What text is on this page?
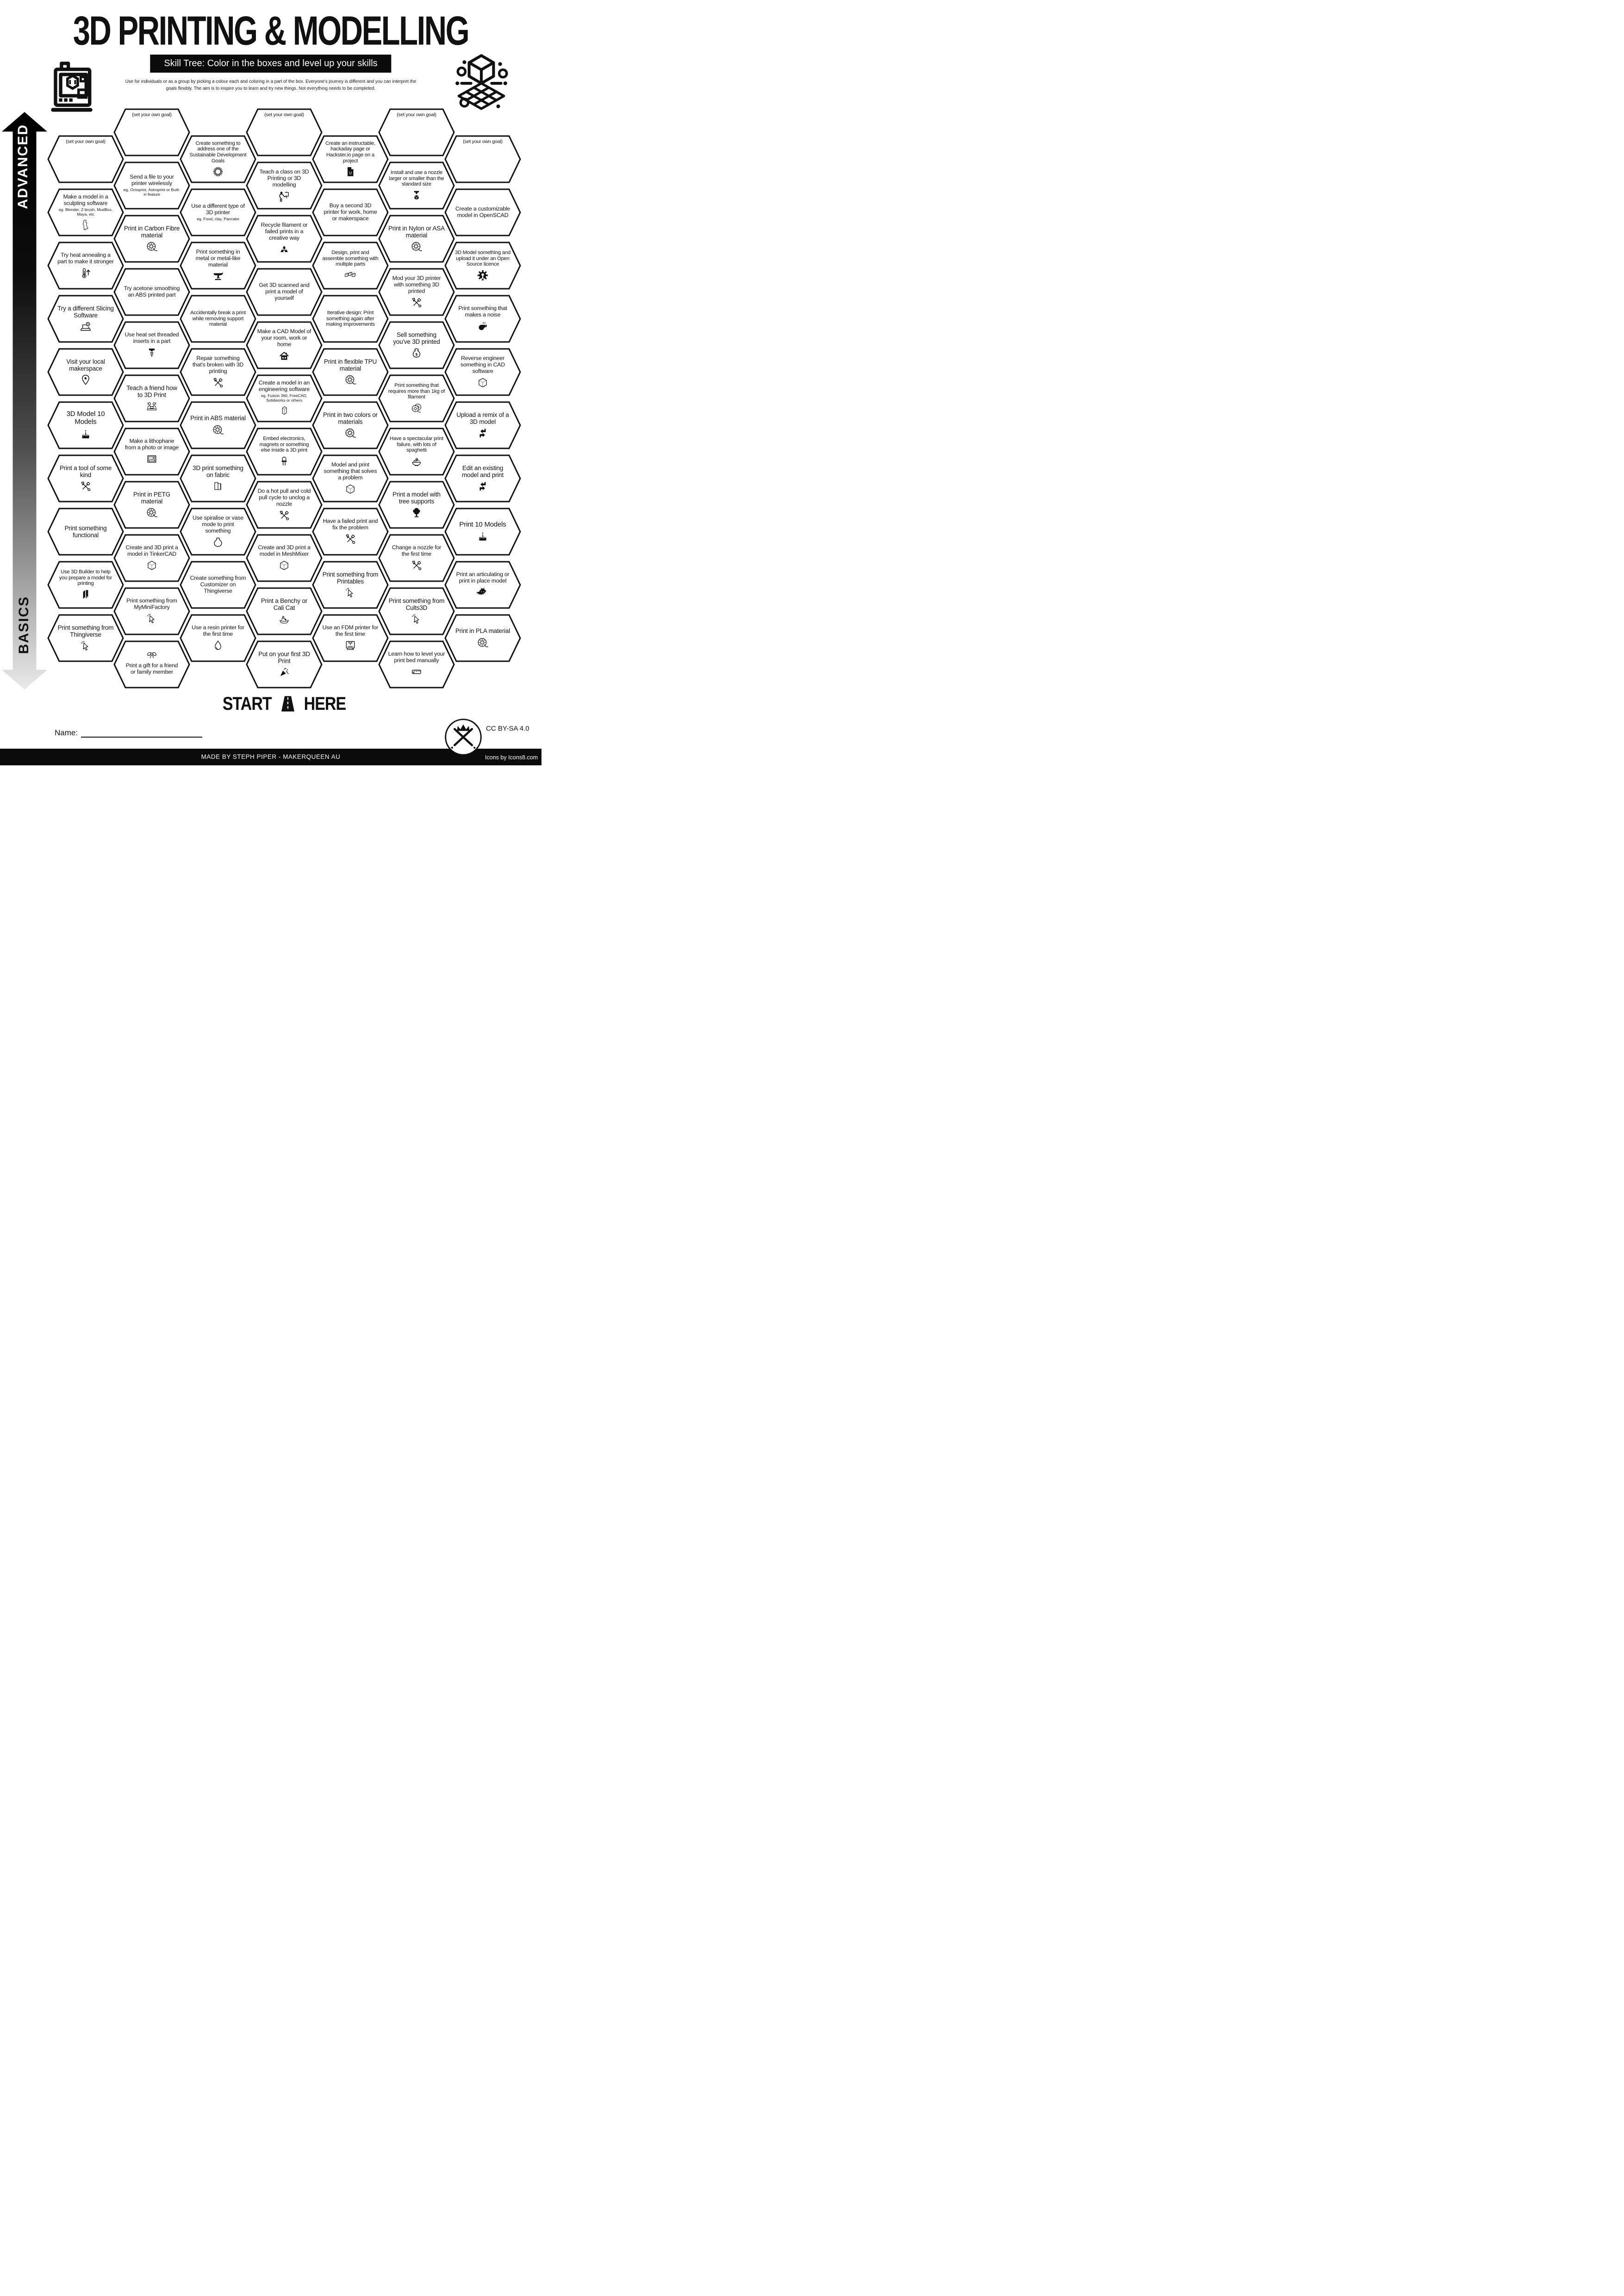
3D PRINTING & MODELLING
Skill Tree: Color in the boxes and level up your skills
Use for individuals or as a group by picking a colour each and coloring in a part of the box. Everyone's journey is different and you can interpret the goals flexibly. The aim is to inspire you to learn and try new things. Not everything needs to be completed.
ADVANCED
BASICS
(set your own goal)
Make a model in a sculpting software
eg. Blender, Z-brush, MudBox, Maya, etc
Try heat annealing a part to make it stronger
Try a different Slicing Software
Visit your local makerspace
3D Model 10 Models
Print a tool of some kind
Print something functional
Use 3D Builder to help you prepare a model for printing
Print something from Thingiverse
(set your own goal)
Send a file to your printer wirelessly
eg. Octoprint, Astroprint or Built-in feature
Print in Carbon Fibre material
Try acetone smoothing an ABS printed part
Use heat set threaded inserts in a part
Teach a friend how to 3D Print
Make a lithophane from a photo or image
Print in PETG material
Create and 3D print a model in TinkerCAD
Print something from MyMiniFactory
Print a gift for a friend or family member
Create something to address one of the Sustainable Development Goals
Use a different type of 3D printer
eg. Food, clay, Pancake
Print something in metal or metal-like material
Accidentally break a print while removing support material
Repair something that's broken with 3D printing
Print in ABS material
3D print something on fabric
Use spiralise or vase mode to print something
Create something from Customizer on Thingiverse
Use a resin printer for the first time
(set your own goal)
Teach a class on 3D Printing or 3D modelling
Recycle filament or failed prints in a creative way
Get 3D scanned and print a model of yourself
Make a CAD Model of your room, work or home
Create a model in an engineering software
eg. Fusion 360, FreeCAD, Solidworks or others
Embed electronics, magnets or something else inside a 3D print
Do a hot pull and cold pull cycle to unclog a nozzle
Create and 3D print a model in MeshMixer
Print a Benchy or Cali Cat
Put on your first 3D Print
Create an instructable, hackaday page or Hackster.io page on a project
Buy a second 3D printer for work, home or makerspace
Design, print and assemble something with multiple parts
Iterative design: Print something again after making improvements
Print in flexible TPU material
Print in two colors or materials
Model and print something that solves a problem
Have a failed print and fix the problem
Print something from Printables
Use an FDM printer for the first time
(set your own goal)
Install and use a nozzle larger or smaller than the standard size
Print in Nylon or ASA material
Mod your 3D printer with something 3D printed
Sell something you've 3D printed
Print something that requires more than 1kg of filament
Have a spectacular print failure, with lots of spaghetti
Print a model with tree supports
Change a nozzle for the first time
Print something from Cults3D
Learn how to level your print bed manually
(set your own goal)
Create a customizable model in OpenSCAD
3D Model something and upload it under an Open Source licence
Print something that makes a noise
Reverse engineer something in CAD software
Upload a remix of a 3D model
Edit an existing model and print
Print 10 Models
Print an articulating or print in place model
Print in PLA material
START HERE
Name:	CC BY-SA 4.0
MADE BY STEPH PIPER - MAKERQUEEN AU	Icons by Icons8.com
